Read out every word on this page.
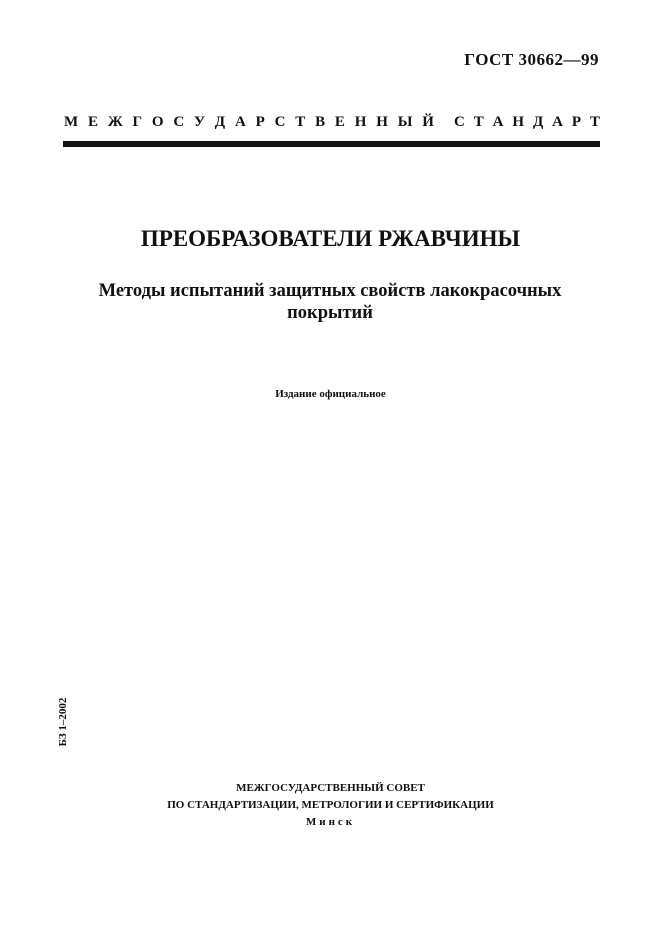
ГОСТ 30662—99
М Е Ж Г О С У Д А Р С Т В Е Н Н Ы Й С Т А Н Д А Р Т
ПРЕОБРАЗОВАТЕЛИ РЖАВЧИНЫ
Методы испытаний защитных свойств лакокрасочных покрытий
Издание официальное
БЗ 1–2002
МЕЖГОСУДАРСТВЕННЫЙ СОВЕТ
ПО СТАНДАРТИЗАЦИИ, МЕТРОЛОГИИ И СЕРТИФИКАЦИИ
Минск
